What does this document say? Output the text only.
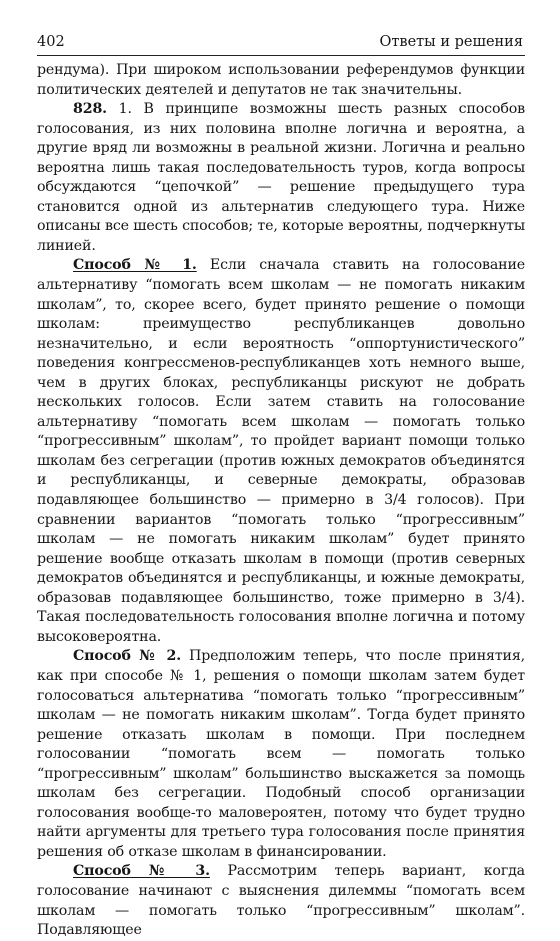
402	Ответы и решения

рендума). При широком использовании референдумов функции политических деятелей и депутатов не так значительны.

828. 1. В принципе возможны шесть разных способов голосования, из них половина вполне логична и вероятна, а другие вряд ли возможны в реальной жизни. Логична и реально вероятна лишь такая последовательность туров, когда вопросы обсуждаются “цепочкой” — решение предыдущего тура становится одной из альтернатив следующего тура. Ниже описаны все шесть способов; те, которые вероятны, подчеркнуты линией.

Способ № 1. Если сначала ставить на голосование альтернативу “помогать всем школам — не помогать никаким школам”, то, скорее всего, будет принято решение о помощи школам: преимущество республиканцев довольно незначительно, и если вероятность “оппортунистического” поведения конгрессменов-республиканцев хоть немного выше, чем в других блоках, республиканцы рискуют не добрать нескольких голосов. Если затем ставить на голосование альтернативу “помогать всем школам — помогать только “прогрессивным” школам”, то пройдет вариант помощи только школам без сегрегации (против южных демократов объединятся и республиканцы, и северные демократы, образовав подавляющее большинство — примерно в 3/4 голосов). При сравнении вариантов “помогать только “прогрессивным” школам — не помогать никаким школам” будет принято решение вообще отказать школам в помощи (против северных демократов объединятся и республиканцы, и южные демократы, образовав подавляющее большинство, тоже примерно в 3/4). Такая последовательность голосования вполне логична и потому высоковероятна.

Способ № 2. Предположим теперь, что после принятия, как при способе № 1, решения о помощи школам затем будет голосоваться альтернатива “помогать только “прогрессивным” школам — не помогать никаким школам”. Тогда будет принято решение отказать школам в помощи. При последнем голосовании “помогать всем — помогать только “прогрессивным” школам” большинство выскажется за помощь школам без сегрегации. Подобный способ организации голосования вообще-то маловероятен, потому что будет трудно найти аргументы для третьего тура голосования после принятия решения об отказе школам в финансировании.

Способ № 3. Рассмотрим теперь вариант, когда голосование начинают с выяснения дилеммы “помогать всем школам — помогать только “прогрессивным” школам”. Подавляющее
